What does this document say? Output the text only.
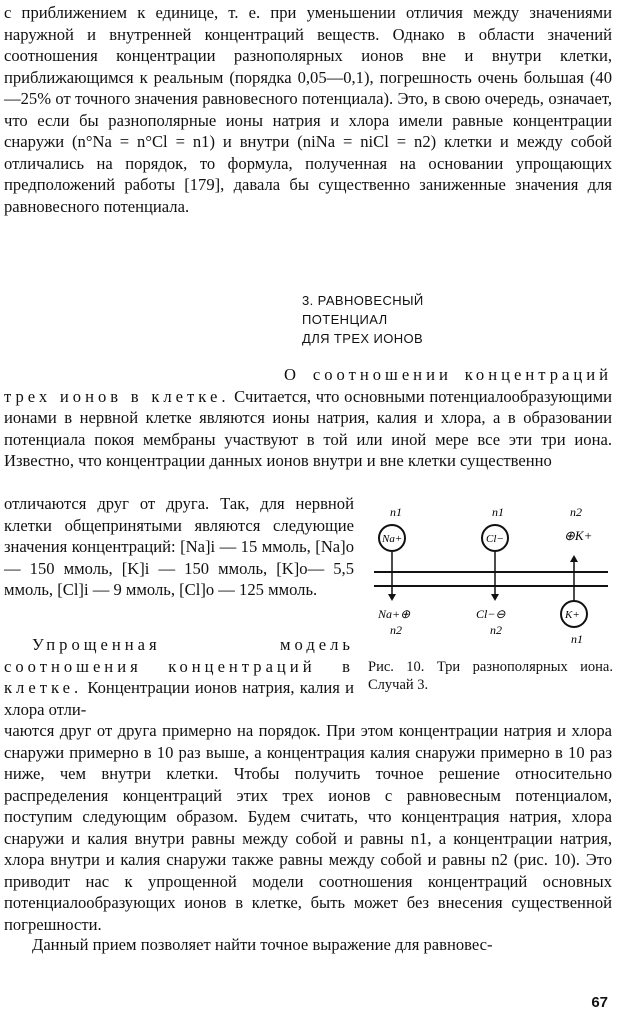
с приближением к единице, т. е. при уменьшении отличия между значениями наружной и внутренней концентраций веществ. Однако в области значений соотношения концентрации разнополярных ионов вне и внутри клетки, приближающимся к реальным (порядка 0,05—0,1), погрешность очень большая (40—25% от точного значения равновесного потенциала). Это, в свою очередь, означает, что если бы разнополярные ионы натрия и хлора имели равные концентрации снаружи (n°Na = n°Cl = n1) и внутри (niNa = niCl = n2) клетки и между собой отличались на порядок, то формула, полученная на основании упрощающих предположений работы [179], давала бы существенно заниженные значения для равновесного потенциала.

3. РАВНОВЕСНЫЙ
ПОТЕНЦИАЛ
ДЛЯ ТРЕХ ИОНОВ

О соотношении концентраций трех ионов в клетке. Считается, что основными потенциалообразующими ионами в нервной клетке являются ионы натрия, калия и хлора, а в образовании потенциала покоя мембраны участвуют в той или иной мере все эти три иона. Известно, что концентрации данных ионов внутри и вне клетки существенно

отличаются друг от друга. Так, для нервной клетки общепринятыми являются следующие значения концентраций: [Na]i — 15 ммоль, [Na]o— 150 ммоль, [K]i — 150 ммоль, [K]o— 5,5 ммоль, [Cl]i — 9 ммоль, [Cl]o — 125 ммоль.

Упрощенная модель соотношения концентраций в клетке. Концентрации ионов натрия, калия и хлора отли-

n1
Na+
Na+⊕
n2
n1
Cl−
Cl−⊖
n2
n2
⊕K+
K+
n1

Рис. 10. Три разнополярных иона. Случай 3.

чаются друг от друга примерно на порядок. При этом концентрации натрия и хлора снаружи примерно в 10 раз выше, а концентрация калия снаружи примерно в 10 раз ниже, чем внутри клетки. Чтобы получить точное решение относительно распределения концентраций этих трех ионов с равновесным потенциалом, поступим следующим образом. Будем считать, что концентрация натрия, хлора снаружи и калия внутри равны между собой и равны n1, а концентрации натрия, хлора внутри и калия снаружи также равны между собой и равны n2 (рис. 10). Это приводит нас к упрощенной модели соотношения концентраций основных потенциалообразующих ионов в клетке, быть может без внесения существенной погрешности.

Данный прием позволяет найти точное выражение для равновес-

67
